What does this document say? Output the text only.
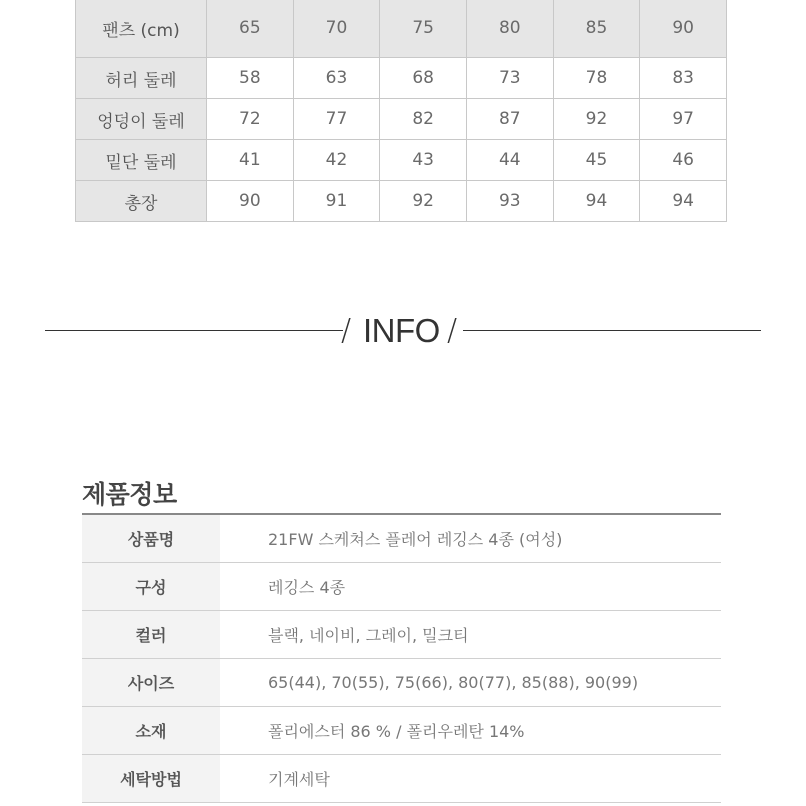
팬츠 (cm)	65	70	75	80	85	90
허리 둘레	58	63	68	73	78	83
엉덩이 둘레	72	77	82	87	92	97
밑단 둘레	41	42	43	44	45	46
총장	90	91	92	93	94	94
/ INFO /
제품정보
상품명	21FW 스케쳐스 플레어 레깅스 4종 (여성)
구성	레깅스 4종
컬러	블랙, 네이비, 그레이, 밀크티
사이즈	65(44), 70(55), 75(66), 80(77), 85(88), 90(99)
소재	폴리에스터 86 % / 폴리우레탄 14%
세탁방법	기계세탁
